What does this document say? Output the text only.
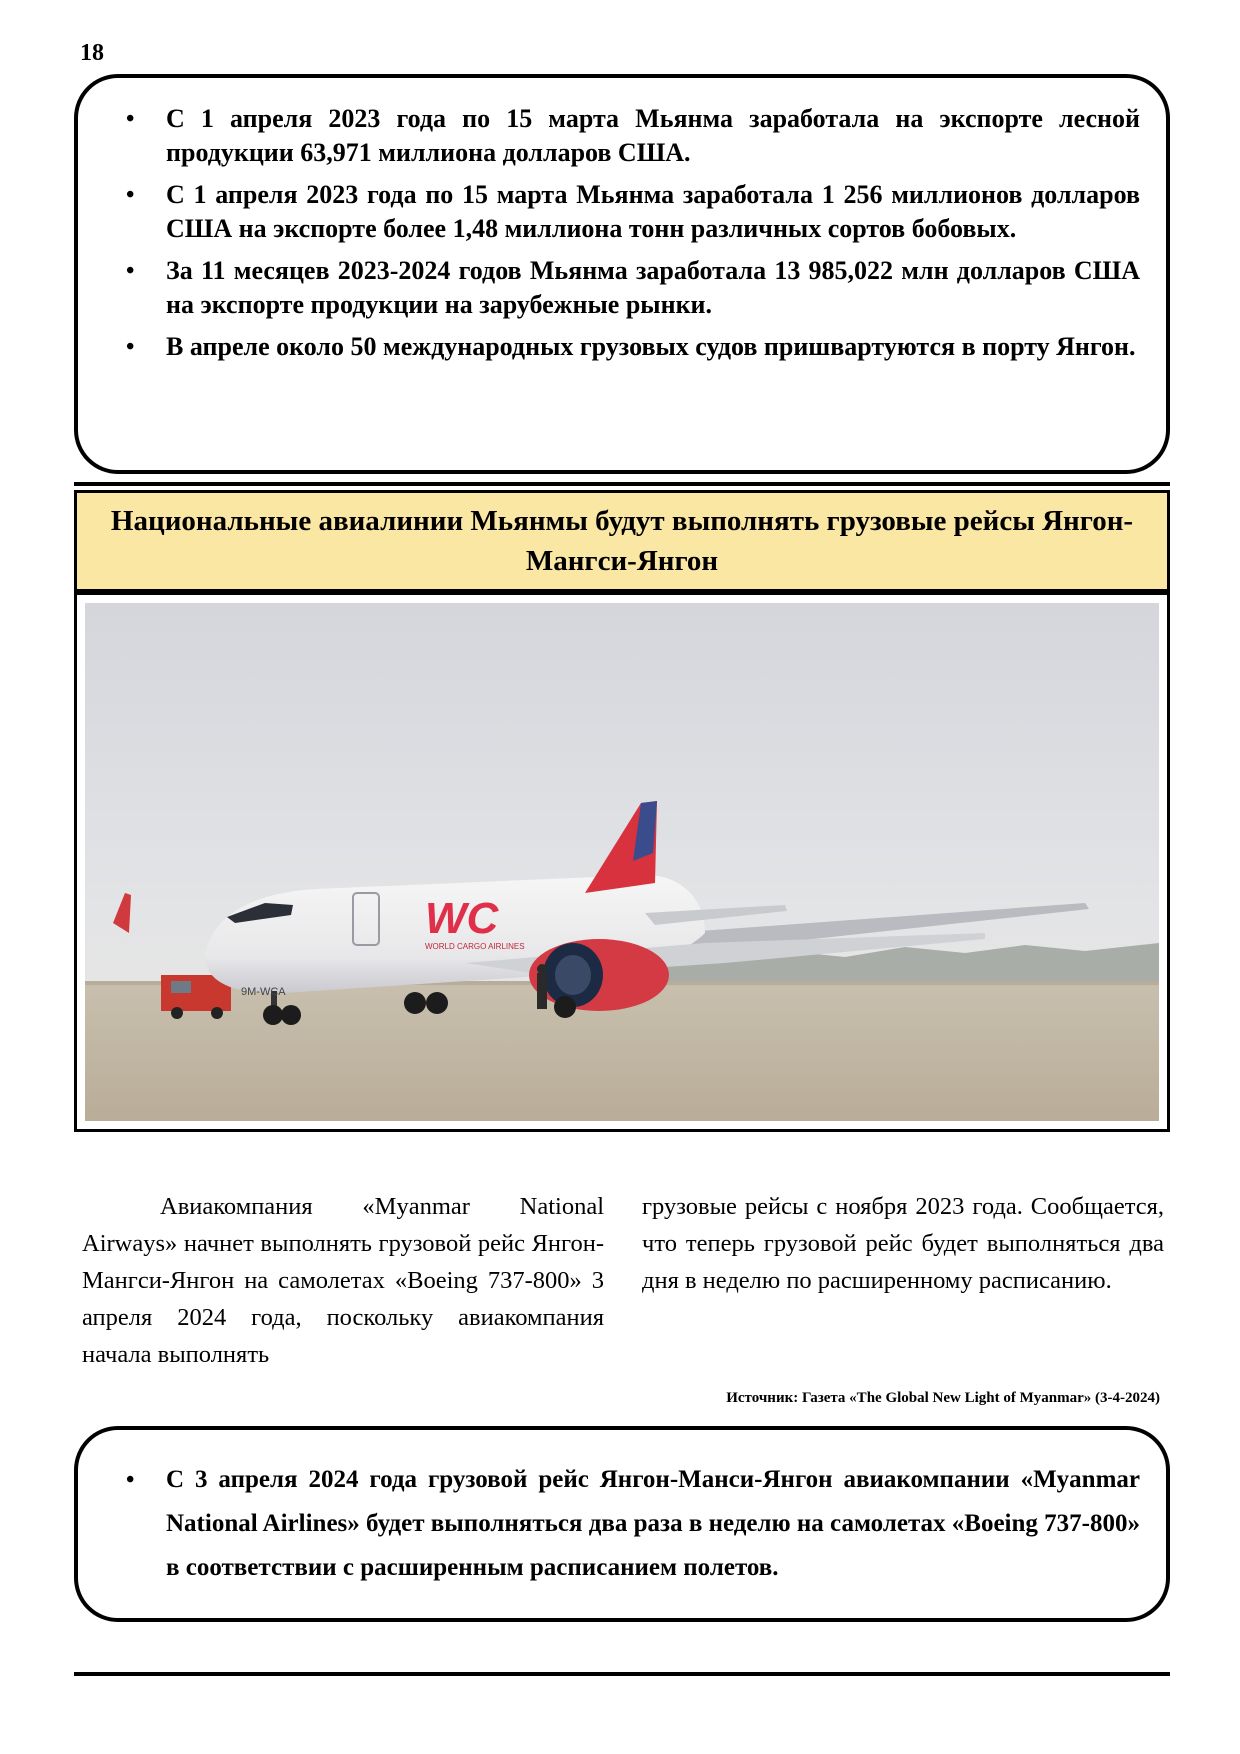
18
• С 1 апреля 2023 года по 15 марта Мьянма заработала на экспорте лесной продукции 63,971 миллиона долларов США.
• С 1 апреля 2023 года по 15 марта Мьянма заработала 1 256 миллионов долларов США на экспорте более 1,48 миллиона тонн различных сортов бобовых.
• За 11 месяцев 2023-2024 годов Мьянма заработала 13 985,022 млн долларов США на экспорте продукции на зарубежные рынки.
• В апреле около 50 международных грузовых судов пришвартуются в порту Янгон.
Национальные авиалинии Мьянмы будут выполнять грузовые рейсы Янгон-Мангси-Янгон
WC
WORLD CARGO AIRLINES
9M-WCA
Авиакомпания «Myanmar National Airways» начнет выполнять грузовой рейс Янгон-Мангси-Янгон на самолетах «Boeing 737-800» 3 апреля 2024 года, поскольку авиакомпания начала выполнять
грузовые рейсы с ноября 2023 года. Сообщается, что теперь грузовой рейс будет выполняться два дня в неделю по расширенному расписанию.
Источник: Газета «The Global New Light of Myanmar» (3-4-2024)
• С 3 апреля 2024 года грузовой рейс Янгон-Манси-Янгон авиакомпании «Myanmar National Airlines» будет выполняться два раза в неделю на самолетах «Boeing 737-800» в соответствии с расширенным расписанием полетов.
